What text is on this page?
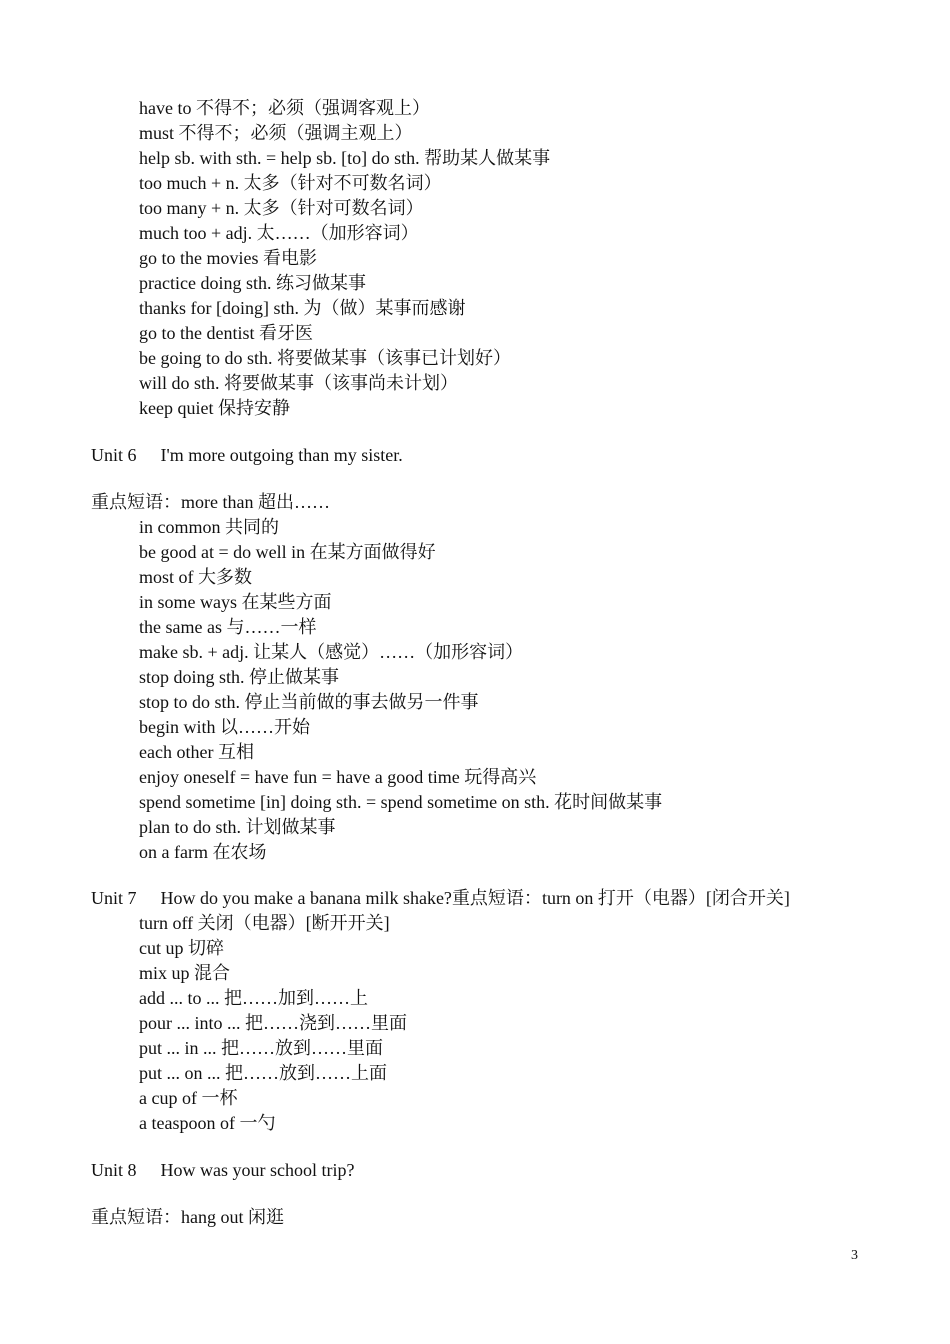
have to 不得不；必须（强调客观上）
must 不得不；必须（强调主观上）
help sb. with sth. = help sb. [to] do sth. 帮助某人做某事
too much + n. 太多（针对不可数名词）
too many + n. 太多（针对可数名词）
much too + adj. 太……（加形容词）
go to the movies 看电影
practice doing sth. 练习做某事
thanks for [doing] sth. 为（做）某事而感谢
go to the dentist 看牙医
be going to do sth. 将要做某事（该事已计划好）
will do sth. 将要做某事（该事尚未计划）
keep quiet 保持安静
Unit 6 I'm more outgoing than my sister.
重点短语：more than 超出……
in common 共同的
be good at = do well in 在某方面做得好
most of 大多数
in some ways 在某些方面
the same as 与……一样
make sb. + adj. 让某人（感觉）……（加形容词）
stop doing sth. 停止做某事
stop to do sth. 停止当前做的事去做另一件事
begin with 以……开始
each other 互相
enjoy oneself = have fun = have a good time 玩得高兴
spend sometime [in] doing sth. = spend sometime on sth. 花时间做某事
plan to do sth. 计划做某事
on a farm 在农场
Unit 7 How do you make a banana milk shake?重点短语：turn on 打开（电器）[闭合开关]
turn off 关闭（电器）[断开开关]
cut up 切碎
mix up 混合
add ... to ... 把……加到……上
pour ... into ... 把……浇到……里面
put ... in ... 把……放到……里面
put ... on ... 把……放到……上面
a cup of 一杯
a teaspoon of 一勺
Unit 8 How was your school trip?
重点短语：hang out 闲逛
3
